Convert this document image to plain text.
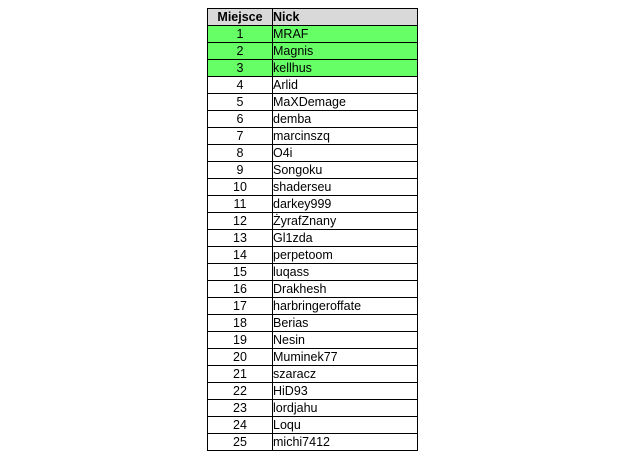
Miejsce	Nick
1	MRAF
2	Magnis
3	kellhus
4	Arlid
5	MaXDemage
6	demba
7	marcinszq
8	O4i
9	Songoku
10	shaderseu
11	darkey999
12	ŻyrafZnany
13	Gl1zda
14	perpetoom
15	luqass
16	Drakhesh
17	harbringeroffate
18	Berias
19	Nesin
20	Muminek77
21	szaracz
22	HiD93
23	lordjahu
24	Loqu
25	michi7412
